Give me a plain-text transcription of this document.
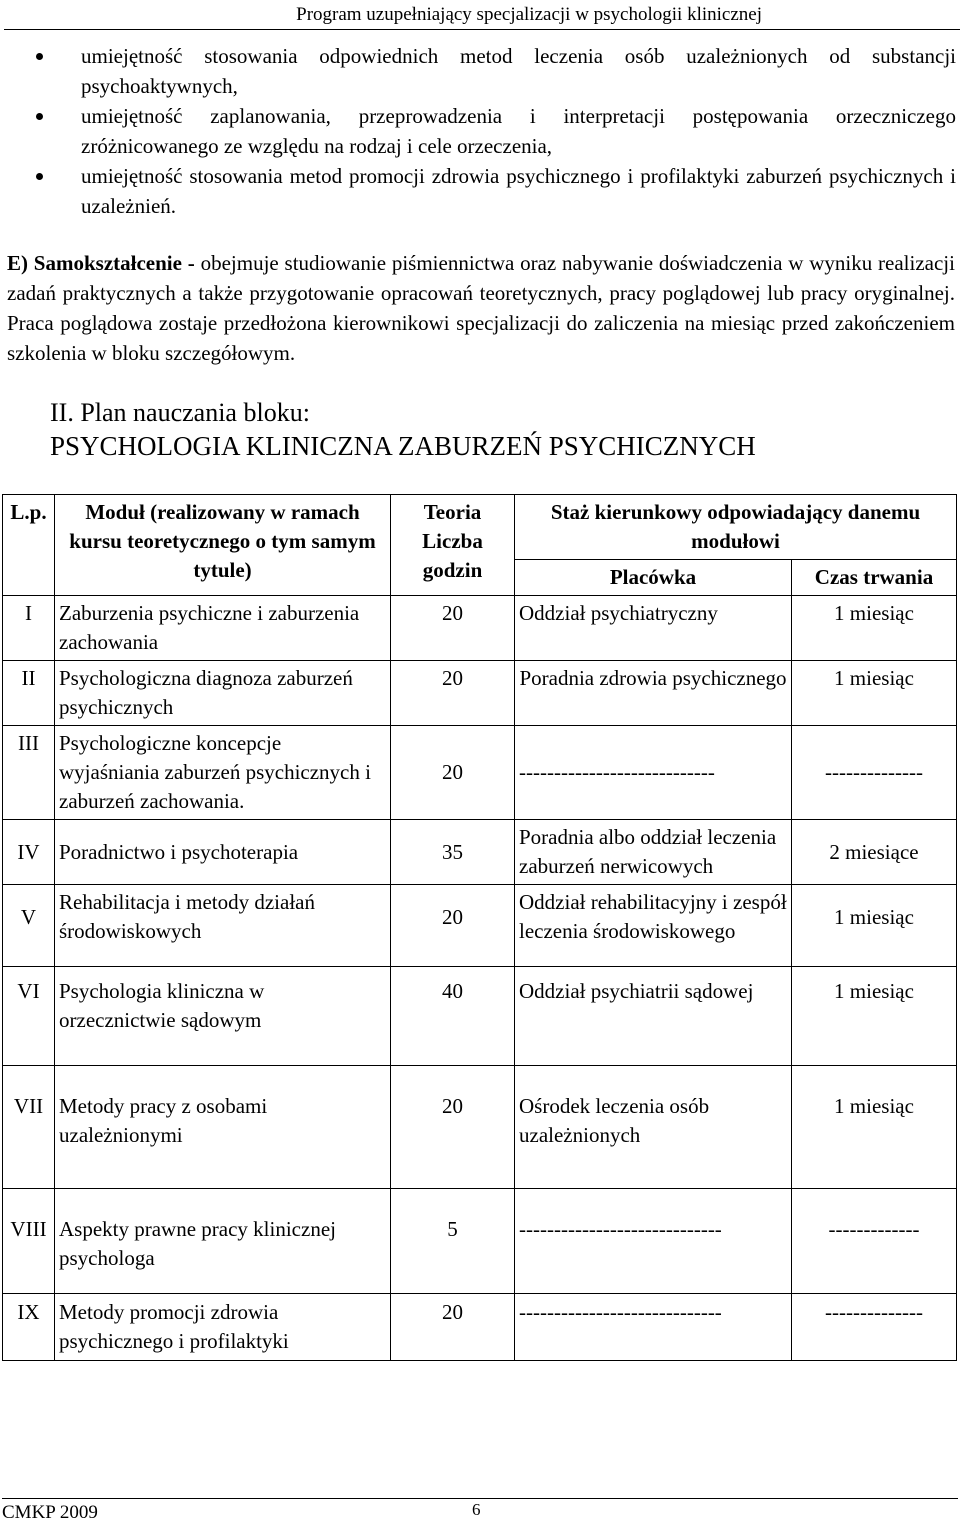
Program uzupełniający specjalizacji w psychologii klinicznej
umiejętność stosowania odpowiednich metod leczenia osób uzależnionych od substancji psychoaktywnych,
umiejętność zaplanowania, przeprowadzenia i interpretacji postępowania orzeczniczego zróżnicowanego ze względu na rodzaj i cele orzeczenia,
umiejętność stosowania metod promocji zdrowia psychicznego i profilaktyki zaburzeń psychicznych i uzależnień.
E) Samokształcenie - obejmuje studiowanie piśmiennictwa oraz nabywanie doświadczenia w wyniku realizacji zadań praktycznych a także przygotowanie opracowań teoretycznych, pracy poglądowej lub pracy oryginalnej. Praca poglądowa zostaje przedłożona kierownikowi specjalizacji do zaliczenia na miesiąc przed zakończeniem szkolenia w bloku szczegółowym.
II. Plan nauczania bloku:
PSYCHOLOGIA KLINICZNA ZABURZEŃ PSYCHICZNYCH
L.p.	Moduł (realizowany w ramach kursu teoretycznego o tym samym tytule)	Teoria Liczba godzin	Staż kierunkowy odpowiadający danemu modułowi	
			Placówka	Czas trwania
I	Zaburzenia psychiczne i zaburzenia zachowania	20	Oddział psychiatryczny	1 miesiąc
II	Psychologiczna diagnoza zaburzeń psychicznych	20	Poradnia zdrowia psychicznego	1 miesiąc
III	Psychologiczne koncepcje wyjaśniania zaburzeń psychicznych i zaburzeń zachowania.	20	----------------------------	--------------
IV	Poradnictwo i psychoterapia	35	Poradnia albo oddział leczenia zaburzeń nerwicowych	2 miesiące
V	Rehabilitacja i metody działań środowiskowych	20	Oddział rehabilitacyjny i zespół leczenia środowiskowego	1 miesiąc
VI	Psychologia kliniczna w orzecznictwie sądowym	40	Oddział psychiatrii sądowej	1 miesiąc
VII	Metody pracy z osobami uzależnionymi	20	Ośrodek leczenia osób uzależnionych	1 miesiąc
VIII	Aspekty prawne pracy klinicznej psychologa	5	-----------------------------	-------------
IX	Metody promocji zdrowia psychicznego i profilaktyki	20	-----------------------------	--------------
CMKP 2009	6
